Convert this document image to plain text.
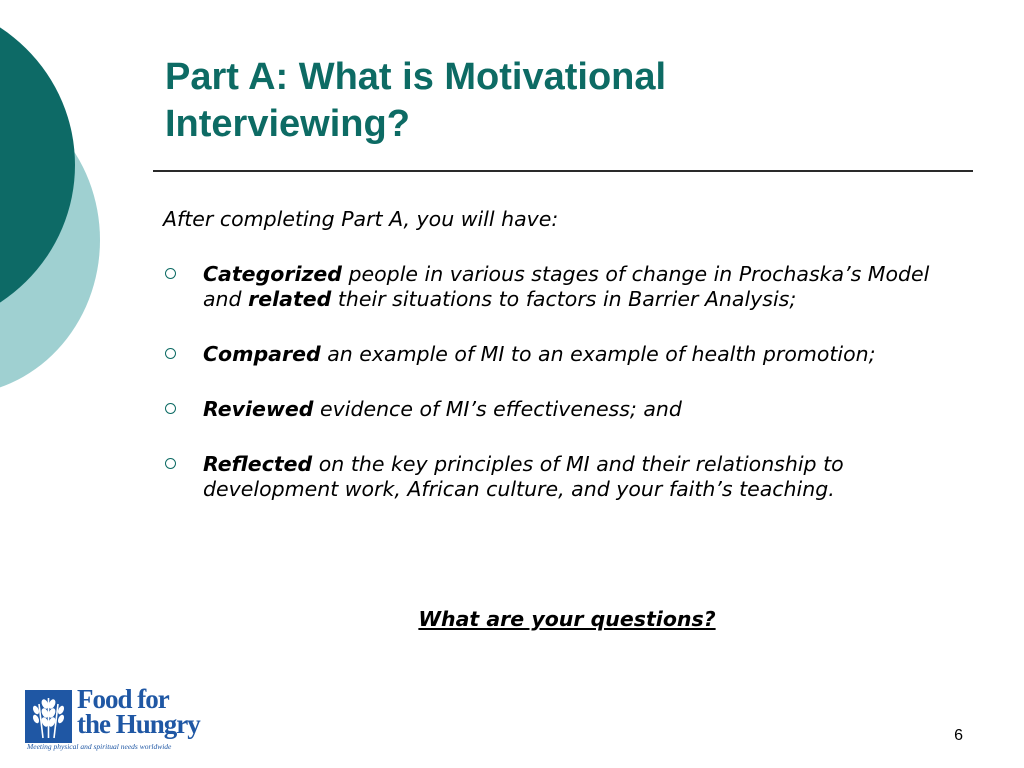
Part A: What is Motivational
Interviewing?

After completing Part A, you will have:

Categorized people in various stages of change in Prochaska’s Model and related their situations to factors in Barrier Analysis;
Compared an example of MI to an example of health promotion;
Reviewed evidence of MI’s effectiveness; and
Reflected on the key principles of MI and their relationship to development work, African culture, and your faith’s teaching.

What are your questions?

Food for
the Hungry

Meeting physical and spiritual needs worldwide

6
